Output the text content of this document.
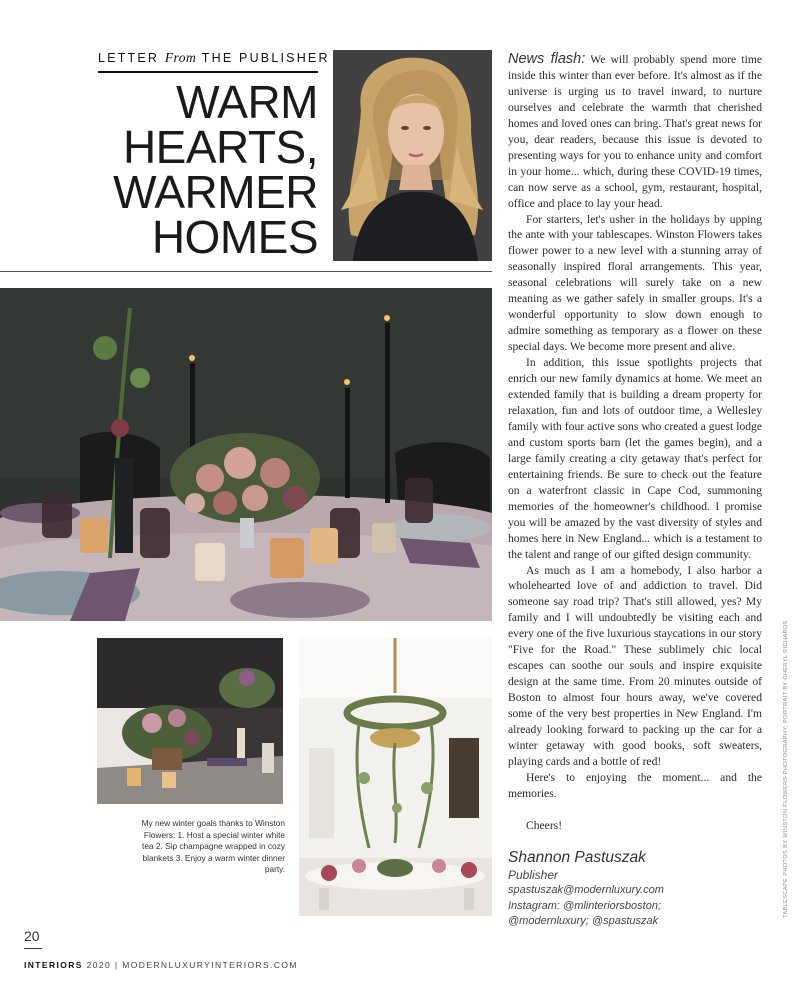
LETTER From THE PUBLISHER
WARM
HEARTS,
WARMER
HOMES

News flash: We will probably spend more time inside this winter than ever before. It's almost as if the universe is urging us to travel inward, to nurture ourselves and celebrate the warmth that cherished homes and loved ones can bring. That's great news for you, dear readers, because this issue is devoted to presenting ways for you to enhance unity and comfort in your home... which, during these COVID-19 times, can now serve as a school, gym, restaurant, hospital, office and place to lay your head.

For starters, let's usher in the holidays by upping the ante with your tablescapes. Winston Flowers takes flower power to a new level with a stunning array of seasonally inspired floral arrangements. This year, seasonal celebrations will surely take on a new meaning as we gather safely in smaller groups. It's a wonderful opportunity to slow down enough to admire something as temporary as a flower on these special days. We become more present and alive.

In addition, this issue spotlights projects that enrich our new family dynamics at home. We meet an extended family that is building a dream property for relaxation, fun and lots of outdoor time, a Wellesley family with four active sons who created a guest lodge and custom sports barn (let the games begin), and a large family creating a city getaway that's perfect for entertaining friends. Be sure to check out the feature on a waterfront classic in Cape Cod, summoning memories of the homeowner's childhood. I promise you will be amazed by the vast diversity of styles and homes here in New England... which is a testament to the talent and range of our gifted design community.

As much as I am a homebody, I also harbor a wholehearted love of and addiction to travel. Did someone say road trip? That's still allowed, yes? My family and I will undoubtedly be visiting each and every one of the five luxurious staycations in our story "Five for the Road." These sublimely chic local escapes can soothe our souls and inspire exquisite design at the same time. From 20 minutes outside of Boston to almost four hours away, we've covered some of the very best properties in New England. I'm already looking forward to packing up the car for a winter getaway with good books, soft sweaters, playing cards and a bottle of red!

Here's to enjoying the moment... and the memories.

Cheers!

Shannon Pastuszak
Publisher
spastuszak@modernluxury.com
Instagram: @mlinteriorsboston;
@modernluxury; @spastuszak
TABLESCAPE PHOTOS BY WINSTON FLOWERS PHOTOGRAPHY; PORTRAIT BY CHERYL RICHARDS
My new winter goals thanks to Winston Flowers: 1. Host a special winter white tea 2. Sip champagne wrapped in cozy blankets 3. Enjoy a warm winter dinner party.
20
INTERIORS 2020 | MODERNLUXURYINTERIORS.COM
